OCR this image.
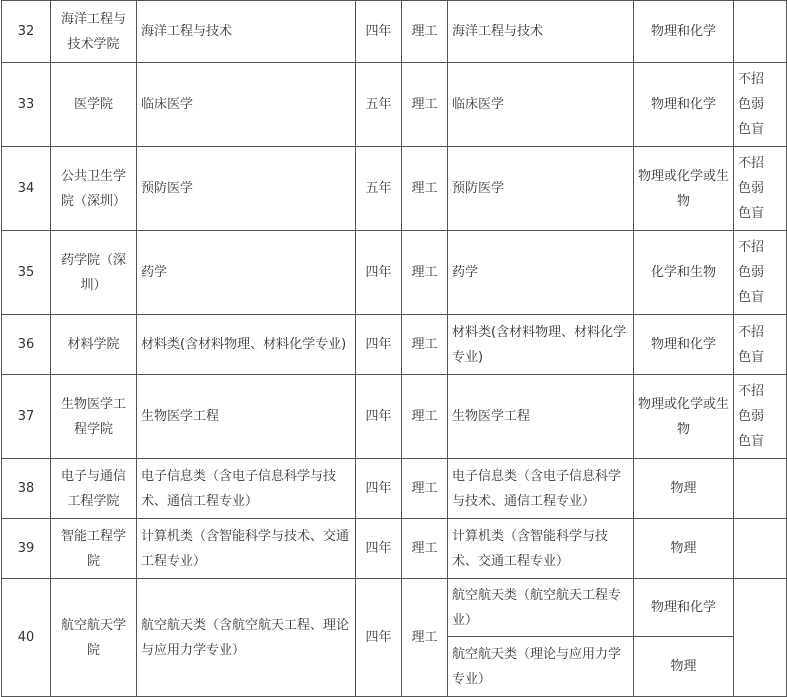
32	海洋工程与技术学院	海洋工程与技术	四年	理工	海洋工程与技术	物理和化学	
33	医学院	临床医学	五年	理工	临床医学	物理和化学	不招
色弱
色盲

34	公共卫生学院（深圳）	预防医学	五年	理工	预防医学	物理或化学或生物	不招
色弱
色盲

35	药学院（深圳）	药学	四年	理工	药学	化学和生物	不招
色弱
色盲

36	材料学院	材料类(含材料物理、材料化学专业)	四年	理工	材料类(含材料物理、材料化学专业)	物理和化学	不招
色盲

37	生物医学工程学院	生物医学工程	四年	理工	生物医学工程	物理或化学或生物	不招
色弱
色盲

38	电子与通信工程学院	电子信息类（含电子信息科学与技术、通信工程专业）	四年	理工	电子信息类（含电子信息科学与技术、通信工程专业）	物理	
39	智能工程学院	计算机类（含智能科学与技术、交通工程专业）	四年	理工	计算机类（含智能科学与技术、交通工程专业）	物理	
40	航空航天学院	航空航天类（含航空航天工程、理论与应用力学专业）	四年	理工	航空航天类（航空航天工程专业）	物理和化学	
					航空航天类（理论与应用力学专业）	物理	
